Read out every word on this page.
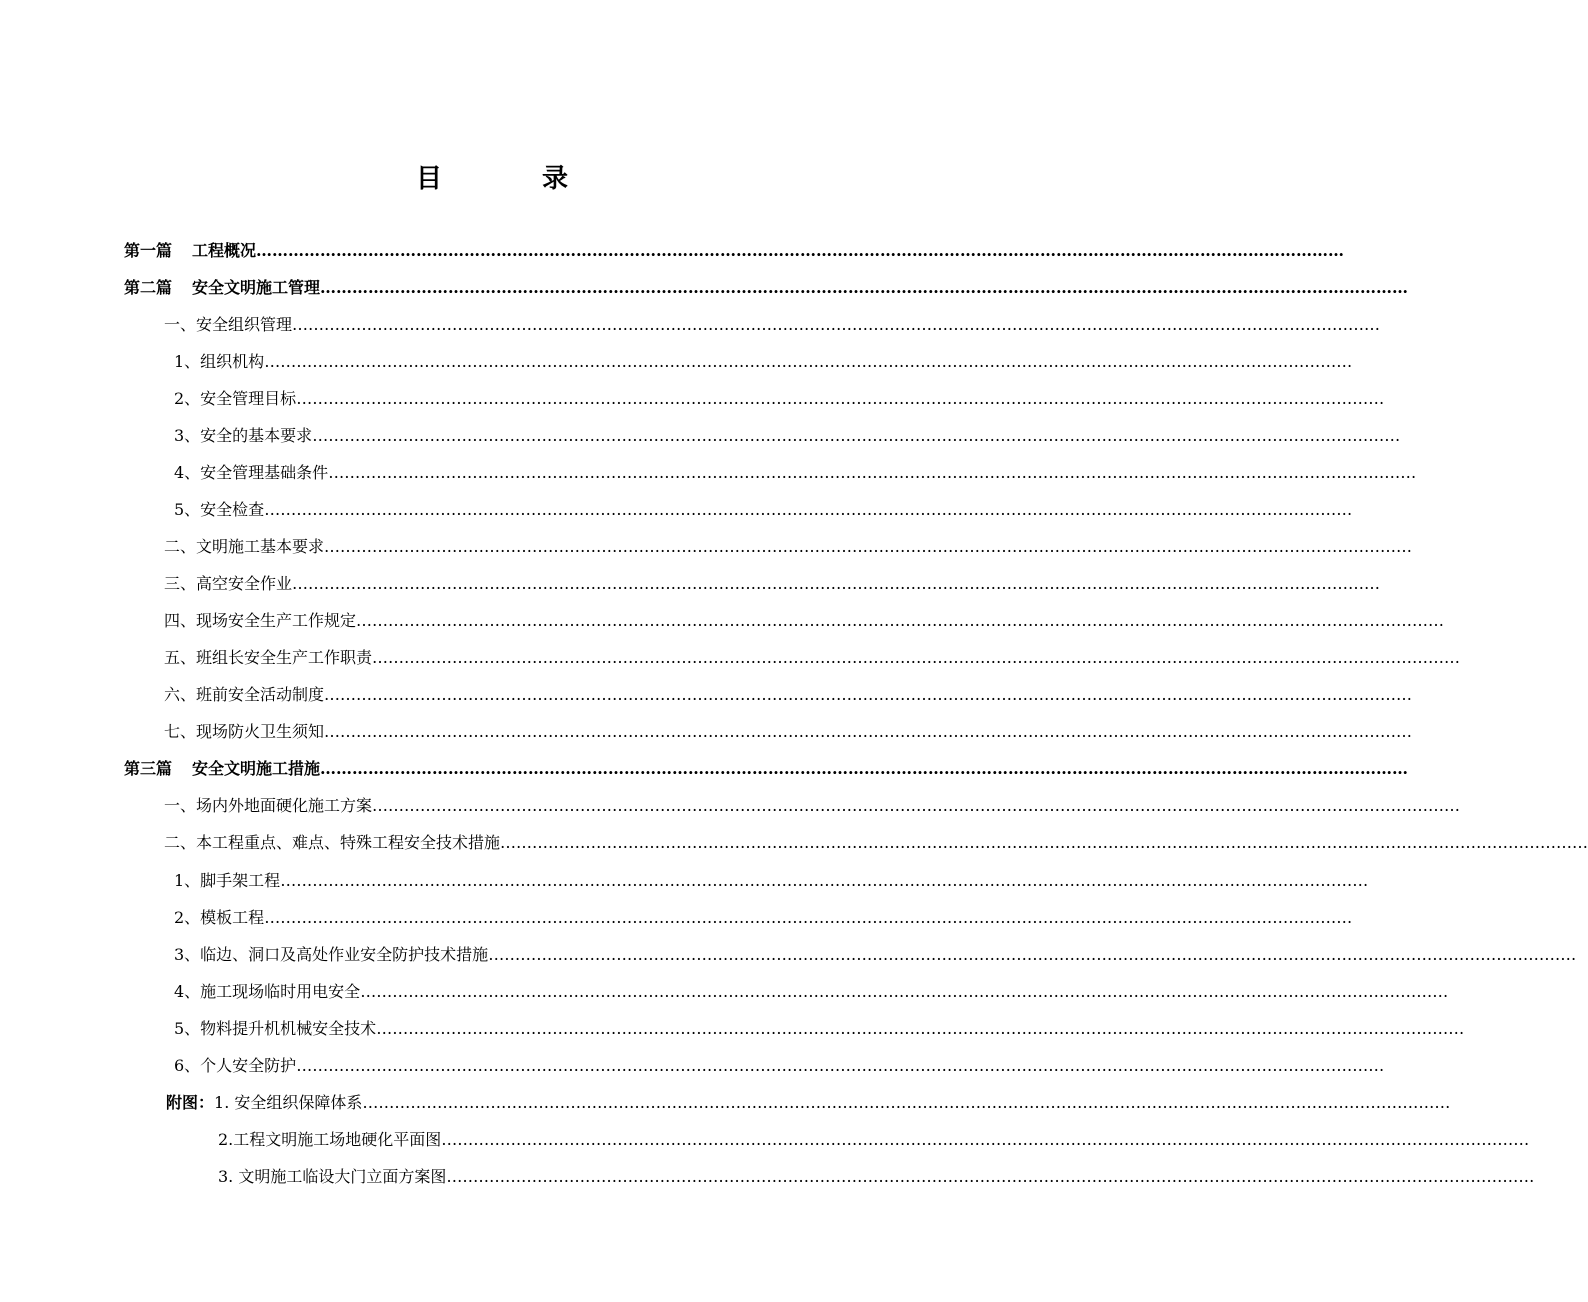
目	录
第一篇 工程概况 ……………………………………………………………………………………………………………………………………………………………………………………
第二篇 安全文明施工管理 ……………………………………………………………………………………………………………………………………………………………………………………
一、安全组织管理 ……………………………………………………………………………………………………………………………………………………………………………………
1、组织机构 ……………………………………………………………………………………………………………………………………………………………………………………
2、安全管理目标 ……………………………………………………………………………………………………………………………………………………………………………………
3、安全的基本要求 ……………………………………………………………………………………………………………………………………………………………………………………
4、安全管理基础条件 ……………………………………………………………………………………………………………………………………………………………………………………
5、安全检查 ……………………………………………………………………………………………………………………………………………………………………………………
二、文明施工基本要求 ……………………………………………………………………………………………………………………………………………………………………………………
三、高空安全作业 ……………………………………………………………………………………………………………………………………………………………………………………
四、现场安全生产工作规定 ……………………………………………………………………………………………………………………………………………………………………………………
五、班组长安全生产工作职责 ……………………………………………………………………………………………………………………………………………………………………………………
六、班前安全活动制度 ……………………………………………………………………………………………………………………………………………………………………………………
七、现场防火卫生须知 ……………………………………………………………………………………………………………………………………………………………………………………
第三篇 安全文明施工措施 ……………………………………………………………………………………………………………………………………………………………………………………
一、场内外地面硬化施工方案 ……………………………………………………………………………………………………………………………………………………………………………………
二、本工程重点、难点、特殊工程安全技术措施 ……………………………………………………………………………………………………………………………………………………………………………………
1、脚手架工程 ……………………………………………………………………………………………………………………………………………………………………………………
2、模板工程 ……………………………………………………………………………………………………………………………………………………………………………………
3、临边、洞口及高处作业安全防护技术措施 ……………………………………………………………………………………………………………………………………………………………………………………
4、施工现场临时用电安全 ……………………………………………………………………………………………………………………………………………………………………………………
5、物料提升机机械安全技术 ……………………………………………………………………………………………………………………………………………………………………………………
6、个人安全防护 ……………………………………………………………………………………………………………………………………………………………………………………
附图：1. 安全组织保障体系 ……………………………………………………………………………………………………………………………………………………………………………………
2.工程文明施工场地硬化平面图 ……………………………………………………………………………………………………………………………………………………………………………………
3. 文明施工临设大门立面方案图 ……………………………………………………………………………………………………………………………………………………………………………………
